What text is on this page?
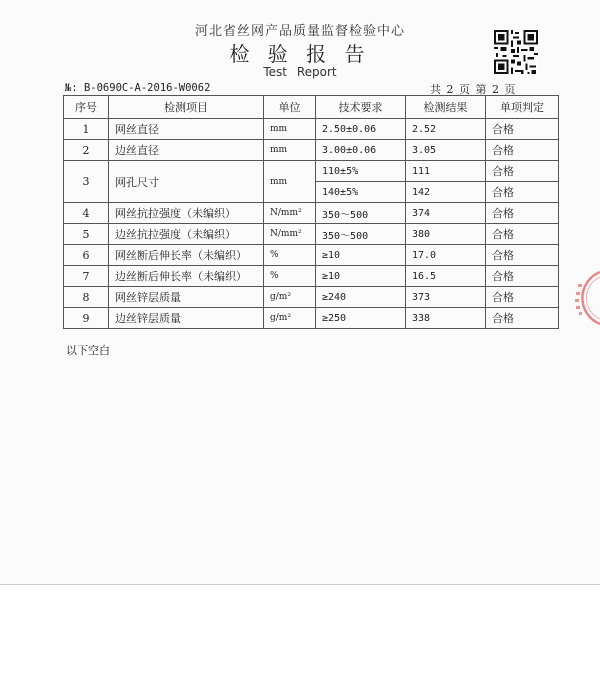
河北省丝网产品质量监督检验中心
检 验 报 告
Test Report
№: B-0690C-A-2016-W0062	共 2 页 第 2 页
序号	检测项目	单位	技术要求	检测结果	单项判定
1	网丝直径	mm	2.50±0.06	2.52	合格
2	边丝直径	mm	3.00±0.06	3.05	合格
3	网孔尺寸	mm	110±5%	111	合格
			140±5%	142	合格
4	网丝抗拉强度（未编织）	N/mm²	350～500	374	合格
5	边丝抗拉强度（未编织）	N/mm²	350～500	380	合格
6	网丝断后伸长率（未编织）	%	≥10	17.0	合格
7	边丝断后伸长率（未编织）	%	≥10	16.5	合格
8	网丝锌层质量	g/m²	≥240	373	合格
9	边丝锌层质量	g/m²	≥250	338	合格
以下空白
